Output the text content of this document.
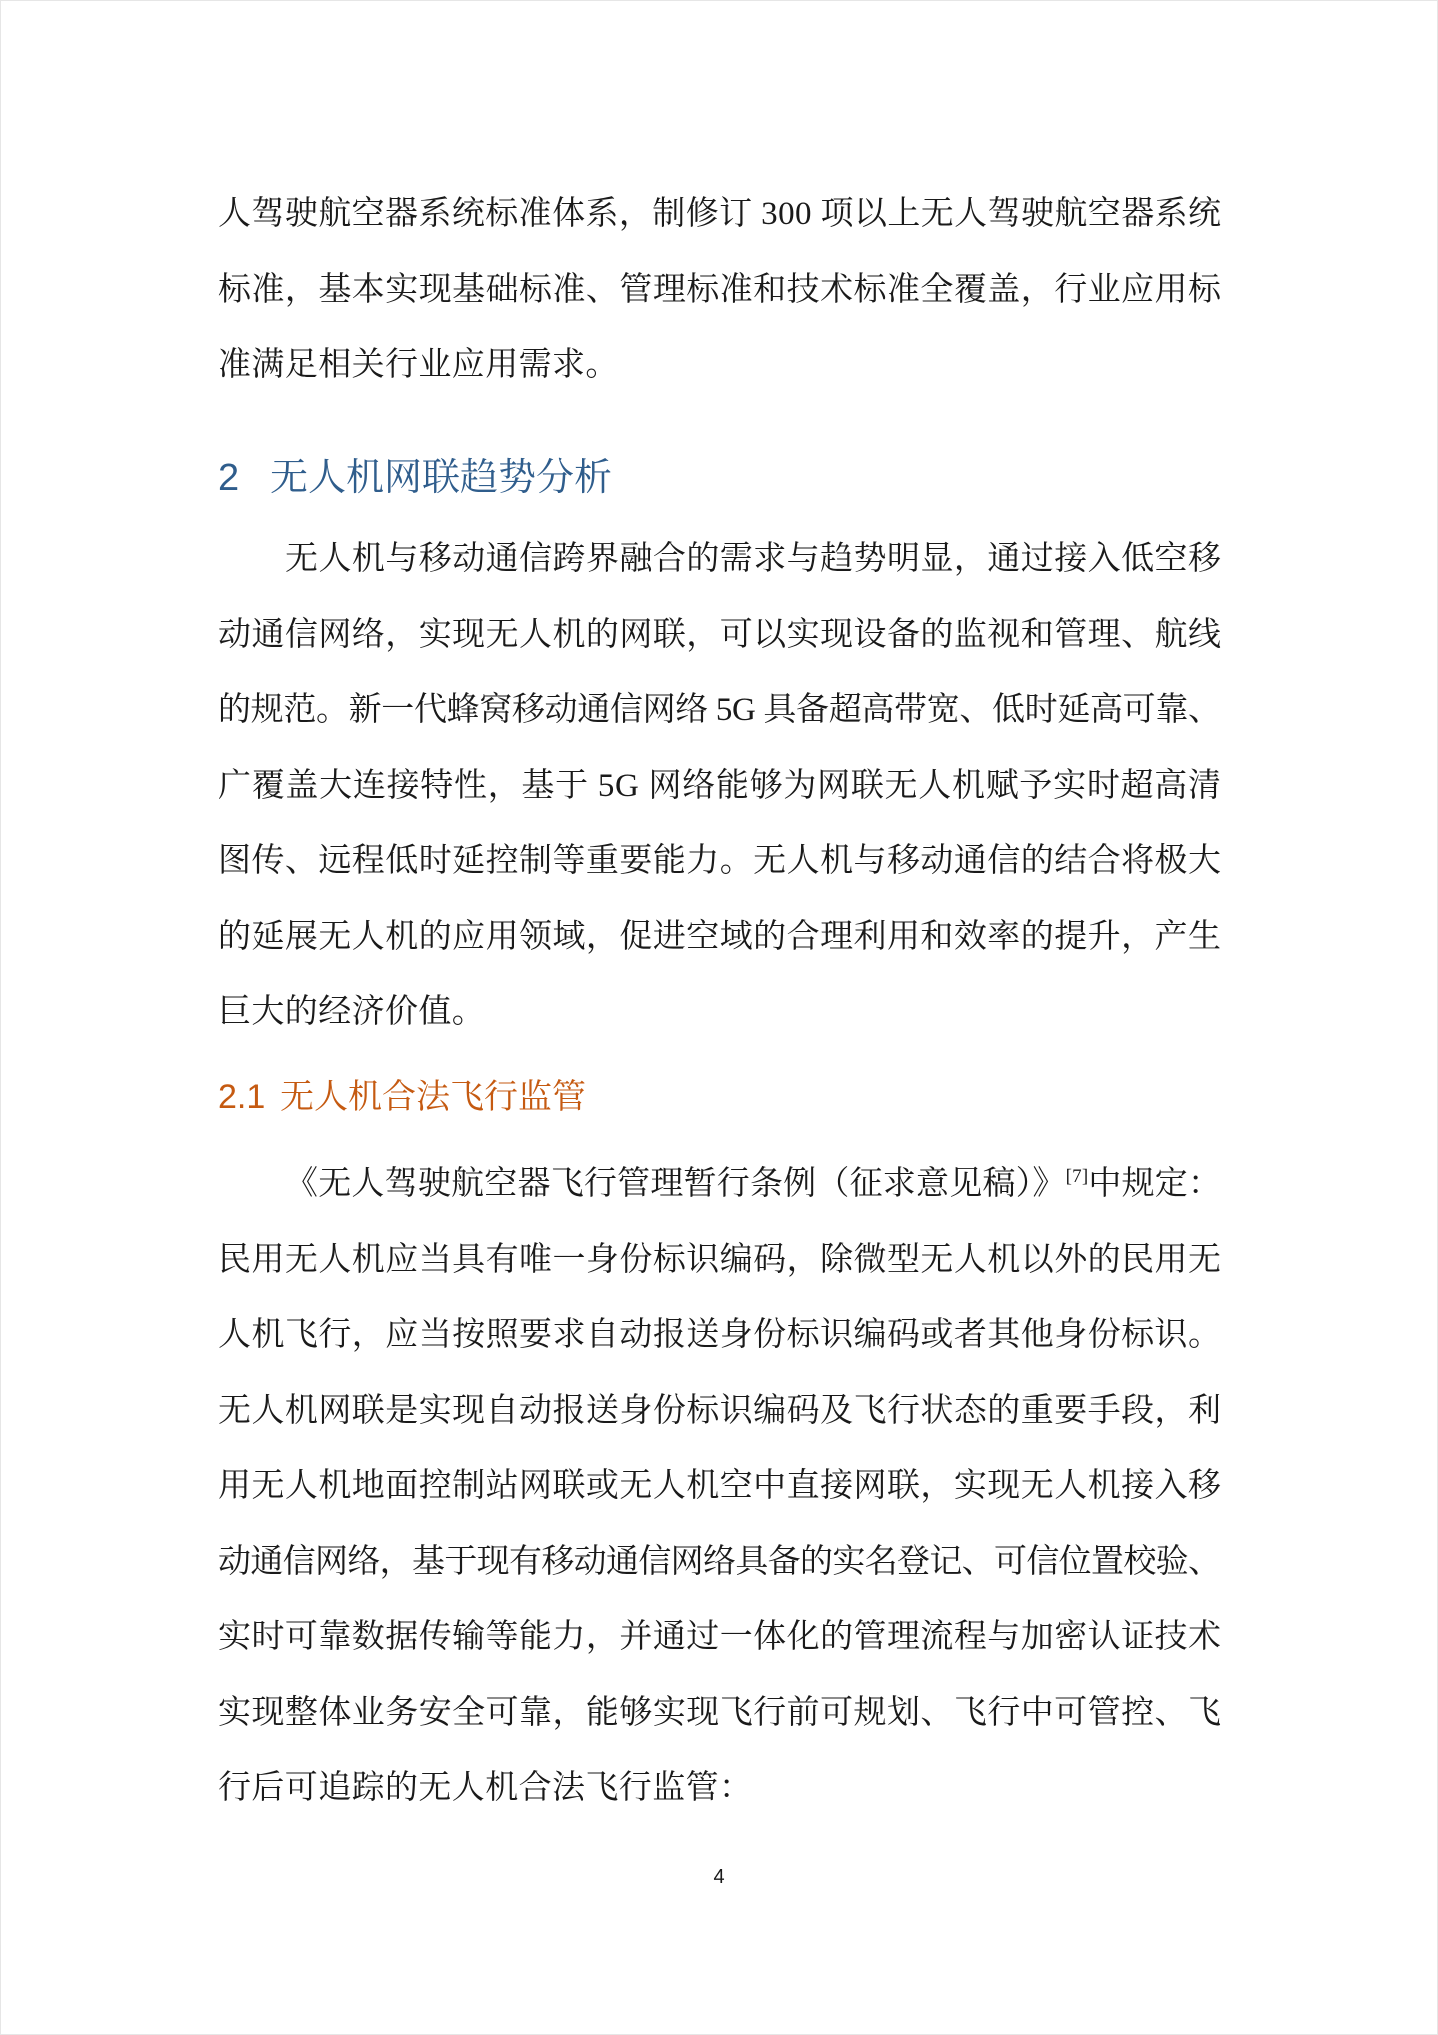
人驾驶航空器系统标准体系，制修订 300 项以上无人驾驶航空器系统
标准，基本实现基础标准、管理标准和技术标准全覆盖，行业应用标
准满足相关行业应用需求。
2 无人机网联趋势分析
无人机与移动通信跨界融合的需求与趋势明显，通过接入低空移
动通信网络，实现无人机的网联，可以实现设备的监视和管理、航线
的规范。新一代蜂窝移动通信网络 5G 具备超高带宽、低时延高可靠、
广覆盖大连接特性，基于 5G 网络能够为网联无人机赋予实时超高清
图传、远程低时延控制等重要能力。无人机与移动通信的结合将极大
的延展无人机的应用领域，促进空域的合理利用和效率的提升，产生
巨大的经济价值。
2.1 无人机合法飞行监管
《无人驾驶航空器飞行管理暂行条例（征求意见稿）》[7]中规定：
民用无人机应当具有唯一身份标识编码，除微型无人机以外的民用无
人机飞行，应当按照要求自动报送身份标识编码或者其他身份标识。
无人机网联是实现自动报送身份标识编码及飞行状态的重要手段，利
用无人机地面控制站网联或无人机空中直接网联，实现无人机接入移
动通信网络，基于现有移动通信网络具备的实名登记、可信位置校验、
实时可靠数据传输等能力，并通过一体化的管理流程与加密认证技术
实现整体业务安全可靠，能够实现飞行前可规划、飞行中可管控、飞
行后可追踪的无人机合法飞行监管：
4
